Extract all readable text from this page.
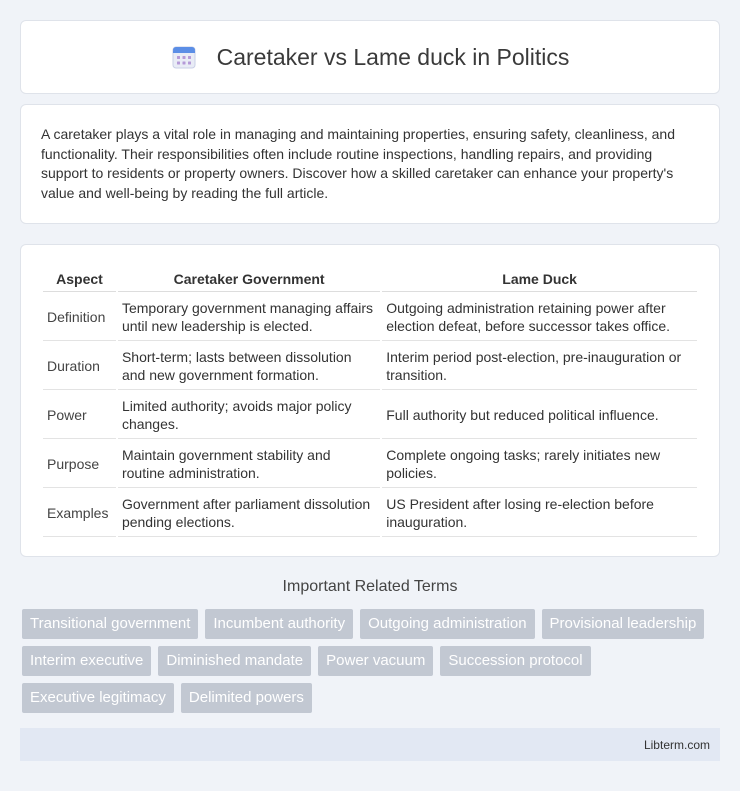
Caretaker vs Lame duck in Politics

A caretaker plays a vital role in managing and maintaining properties, ensuring safety, cleanliness, and functionality. Their responsibilities often include routine inspections, handling repairs, and providing support to residents or property owners. Discover how a skilled caretaker can enhance your property's value and well-being by reading the full article.

Aspect	Caretaker Government	Lame Duck
Definition	Temporary government managing affairs until new leadership is elected.	Outgoing administration retaining power after election defeat, before successor takes office.
Duration	Short-term; lasts between dissolution and new government formation.	Interim period post-election, pre-inauguration or transition.
Power	Limited authority; avoids major policy changes.	Full authority but reduced political influence.
Purpose	Maintain government stability and routine administration.	Complete ongoing tasks; rarely initiates new policies.
Examples	Government after parliament dissolution pending elections.	US President after losing re-election before inauguration.
Important Related Terms
Transitional government	Incumbent authority	Outgoing administration	Provisional leadership
Interim executive	Diminished mandate	Power vacuum	Succession protocol
Executive legitimacy	Delimited powers
Libterm.com
